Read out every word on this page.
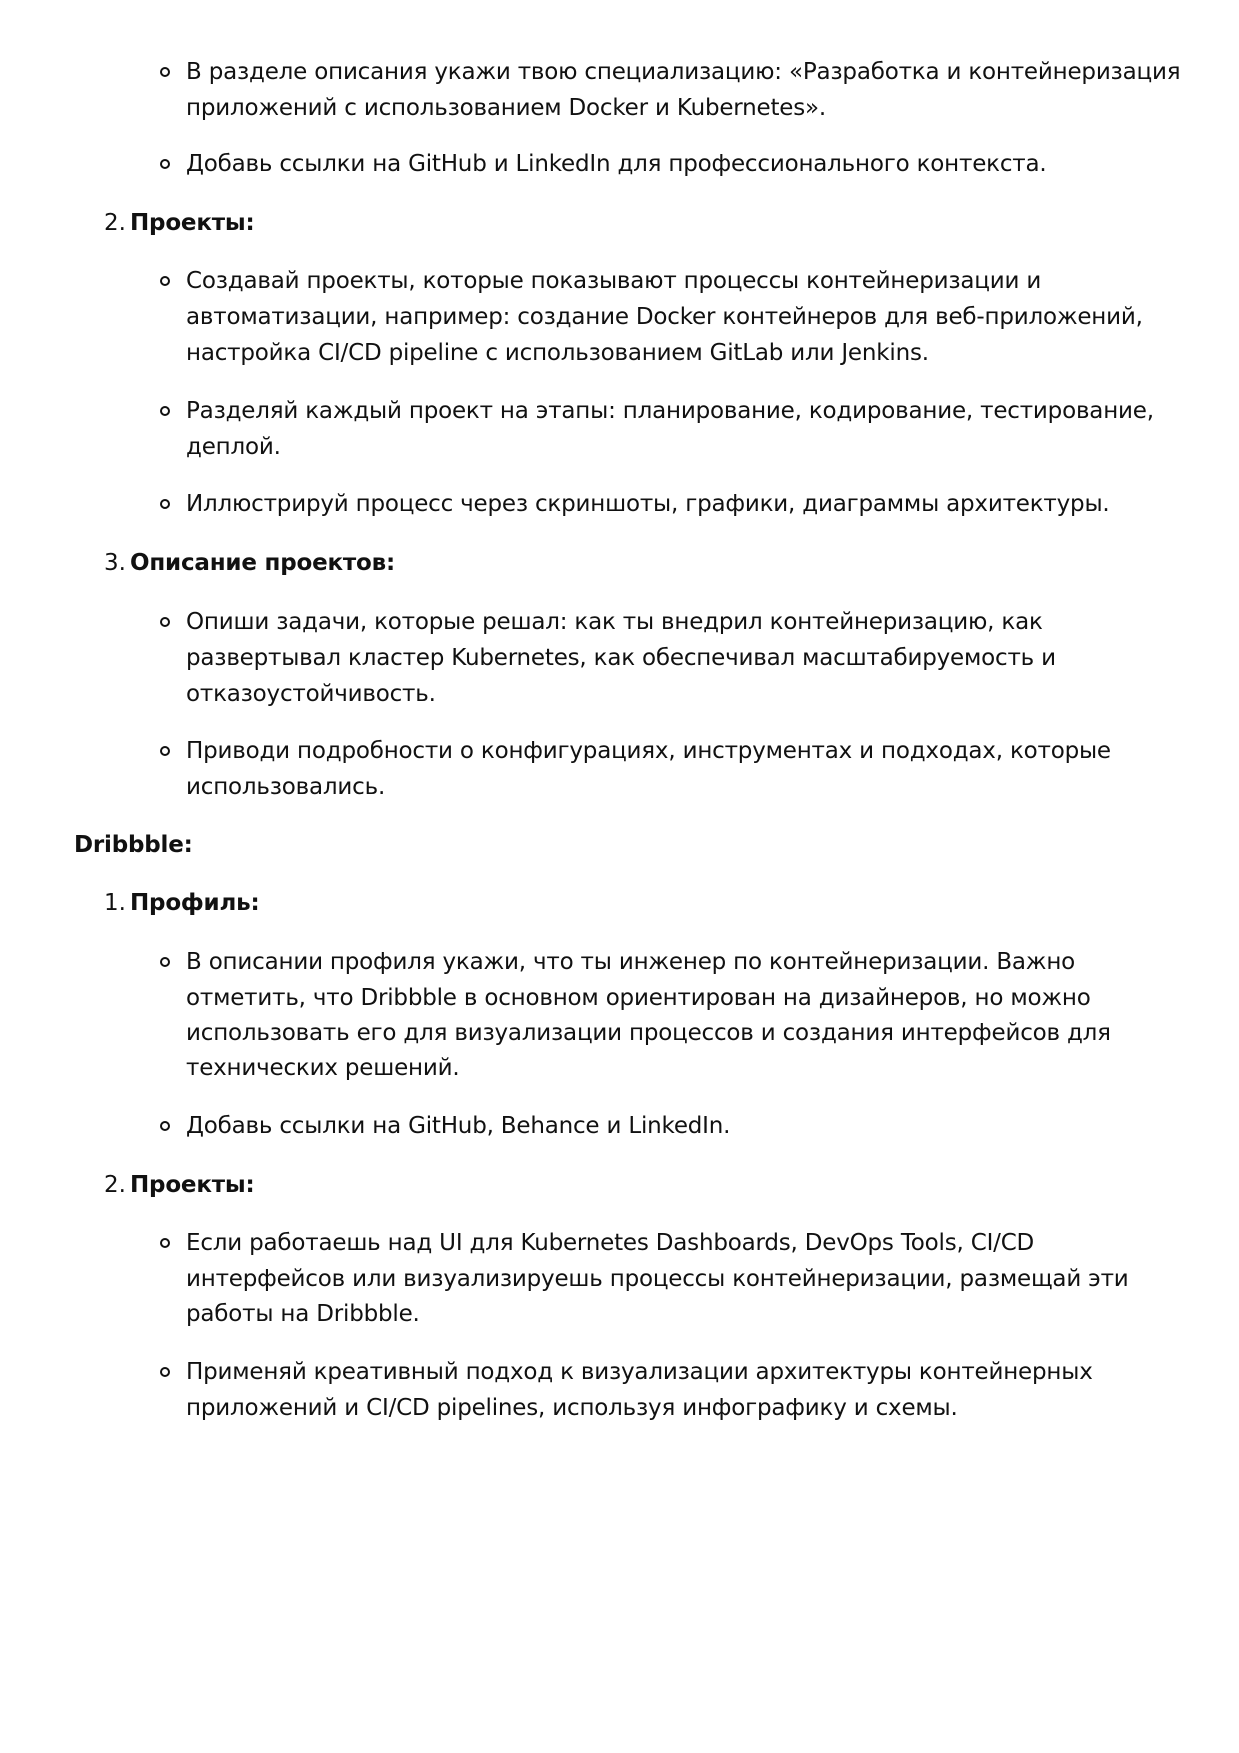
В разделе описания укажи твою специализацию: «Разработка и контейнеризация
приложений с использованием Docker и Kubernetes».
Добавь ссылки на GitHub и LinkedIn для профессионального контекста.
2. Проекты:
Создавай проекты, которые показывают процессы контейнеризации и
автоматизации, например: создание Docker контейнеров для веб-приложений,
настройка CI/CD pipeline с использованием GitLab или Jenkins.
Разделяй каждый проект на этапы: планирование, кодирование, тестирование,
деплой.
Иллюстрируй процесс через скриншоты, графики, диаграммы архитектуры.
3. Описание проектов:
Опиши задачи, которые решал: как ты внедрил контейнеризацию, как
развертывал кластер Kubernetes, как обеспечивал масштабируемость и
отказоустойчивость.
Приводи подробности о конфигурациях, инструментах и подходах, которые
использовались.
Dribbble:
1. Профиль:
В описании профиля укажи, что ты инженер по контейнеризации. Важно
отметить, что Dribbble в основном ориентирован на дизайнеров, но можно
использовать его для визуализации процессов и создания интерфейсов для
технических решений.
Добавь ссылки на GitHub, Behance и LinkedIn.
2. Проекты:
Если работаешь над UI для Kubernetes Dashboards, DevOps Tools, CI/CD
интерфейсов или визуализируешь процессы контейнеризации, размещай эти
работы на Dribbble.
Применяй креативный подход к визуализации архитектуры контейнерных
приложений и CI/CD pipelines, используя инфографику и схемы.
